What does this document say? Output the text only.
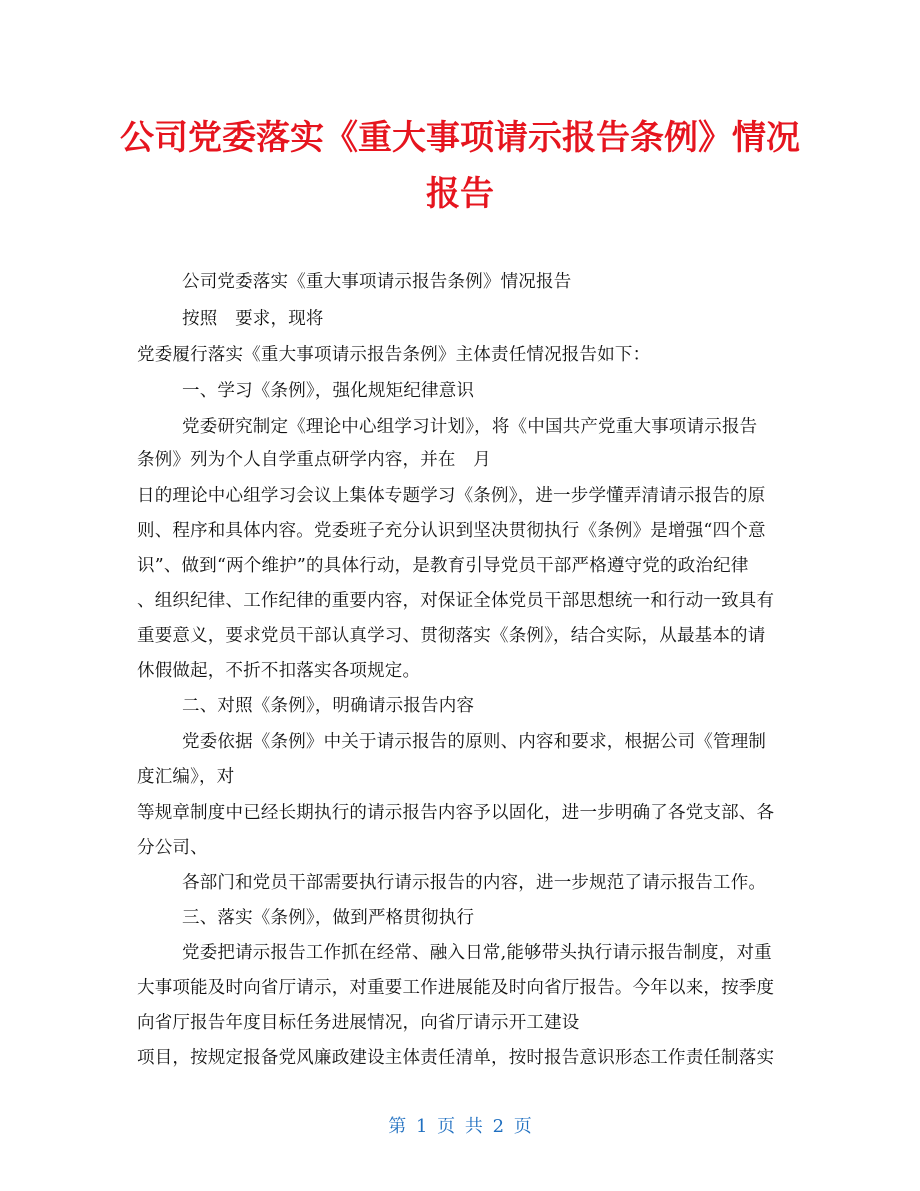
公司党委落实《重大事项请示报告条例》情况
报告
公司党委落实《重大事项请示报告条例》情况报告
按照　要求，现将
党委履行落实《重大事项请示报告条例》主体责任情况报告如下：
一、学习《条例》，强化规矩纪律意识
党委研究制定《理论中心组学习计划》，将《中国共产党重大事项请示报告
条例》列为个人自学重点研学内容，并在　月
日的理论中心组学习会议上集体专题学习《条例》，进一步学懂弄清请示报告的原
则、程序和具体内容。党委班子充分认识到坚决贯彻执行《条例》是增强“四个意
识”、做到“两个维护”的具体行动，是教育引导党员干部严格遵守党的政治纪律
、组织纪律、工作纪律的重要内容，对保证全体党员干部思想统一和行动一致具有
重要意义，要求党员干部认真学习、贯彻落实《条例》，结合实际，从最基本的请
休假做起，不折不扣落实各项规定。
二、对照《条例》，明确请示报告内容
党委依据《条例》中关于请示报告的原则、内容和要求，根据公司《管理制
度汇编》，对
等规章制度中已经长期执行的请示报告内容予以固化，进一步明确了各党支部、各
分公司、
各部门和党员干部需要执行请示报告的内容，进一步规范了请示报告工作。
三、落实《条例》，做到严格贯彻执行
党委把请示报告工作抓在经常、融入日常,能够带头执行请示报告制度，对重
大事项能及时向省厅请示，对重要工作进展能及时向省厅报告。今年以来，按季度
向省厅报告年度目标任务进展情况，向省厅请示开工建设
项目，按规定报备党风廉政建设主体责任清单，按时报告意识形态工作责任制落实
第 1 页 共 2 页
